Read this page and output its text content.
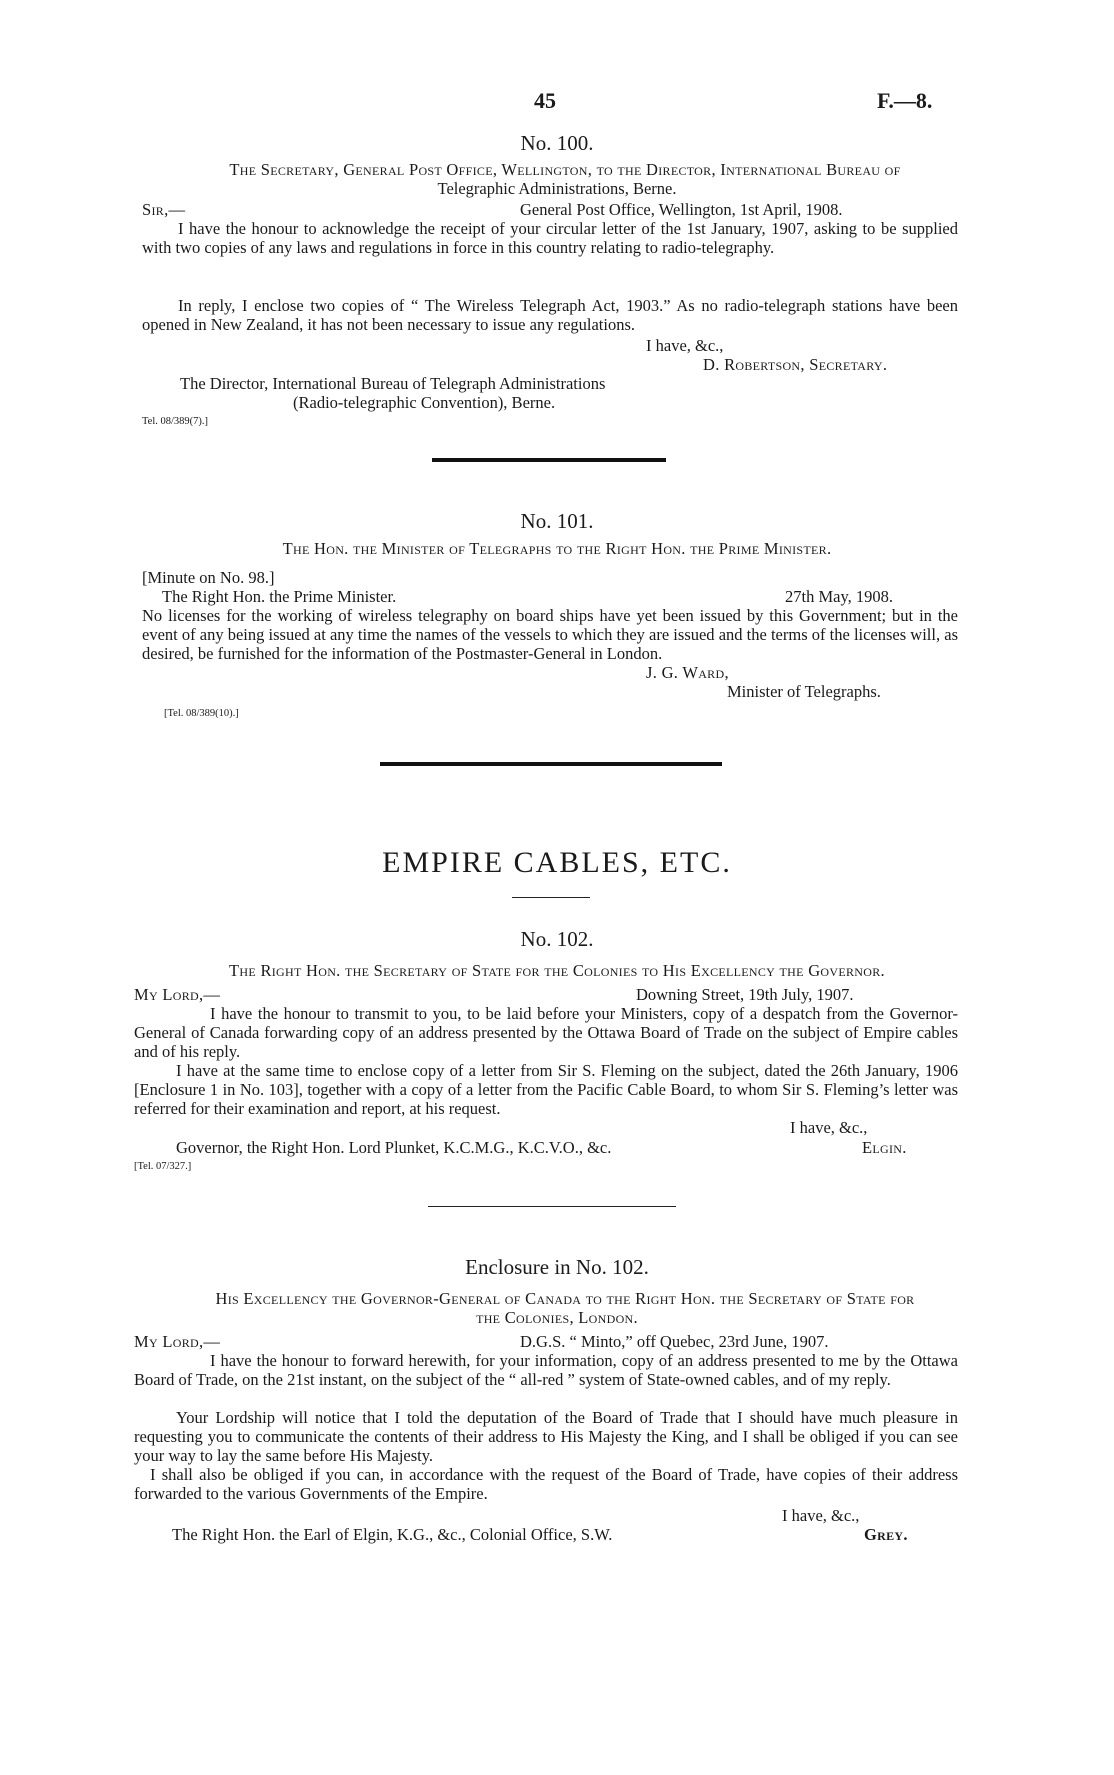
45	F.—8.
No. 100.
The Secretary, General Post Office, Wellington, to the Director, International Bureau of
Telegraphic Administrations, Berne.
Sir,—	General Post Office, Wellington, 1st April, 1908.
I have the honour to acknowledge the receipt of your circular letter of the 1st January, 1907, asking to be supplied with two copies of any laws and regulations in force in this country relating to radio-telegraphy.
In reply, I enclose two copies of “ The Wireless Telegraph Act, 1903.” As no radio-telegraph stations have been opened in New Zealand, it has not been necessary to issue any regulations.
I have, &c.,
D. Robertson, Secretary.
The Director, International Bureau of Telegraph Administrations
(Radio-telegraphic Convention), Berne.
Tel. 08/389(7).]
No. 101.
The Hon. the Minister of Telegraphs to the Right Hon. the Prime Minister.
[Minute on No. 98.]
The Right Hon. the Prime Minister.	27th May, 1908.
No licenses for the working of wireless telegraphy on board ships have yet been issued by this Government; but in the event of any being issued at any time the names of the vessels to which they are issued and the terms of the licenses will, as desired, be furnished for the information of the Postmaster-General in London.
J. G. Ward,
Minister of Telegraphs.
[Tel. 08/389(10).]
EMPIRE CABLES, ETC.
No. 102.
The Right Hon. the Secretary of State for the Colonies to His Excellency the Governor.
My Lord,—	Downing Street, 19th July, 1907.
I have the honour to transmit to you, to be laid before your Ministers, copy of a despatch from the Governor-General of Canada forwarding copy of an address presented by the Ottawa Board of Trade on the subject of Empire cables and of his reply.
I have at the same time to enclose copy of a letter from Sir S. Fleming on the subject, dated the 26th January, 1906 [Enclosure 1 in No. 103], together with a copy of a letter from the Pacific Cable Board, to whom Sir S. Fleming’s letter was referred for their examination and report, at his request.
I have, &c.,
Governor, the Right Hon. Lord Plunket, K.C.M.G., K.C.V.O., &c.	Elgin.
[Tel. 07/327.]
Enclosure in No. 102.
His Excellency the Governor-General of Canada to the Right Hon. the Secretary of State for
the Colonies, London.
My Lord,—	D.G.S. “ Minto,” off Quebec, 23rd June, 1907.
I have the honour to forward herewith, for your information, copy of an address presented to me by the Ottawa Board of Trade, on the 21st instant, on the subject of the “ all-red ” system of State-owned cables, and of my reply.
Your Lordship will notice that I told the deputation of the Board of Trade that I should have much pleasure in requesting you to communicate the contents of their address to His Majesty the King, and I shall be obliged if you can see your way to lay the same before His Majesty.
I shall also be obliged if you can, in accordance with the request of the Board of Trade, have copies of their address forwarded to the various Governments of the Empire.
I have, &c.,
The Right Hon. the Earl of Elgin, K.G., &c., Colonial Office, S.W.	Grey.
